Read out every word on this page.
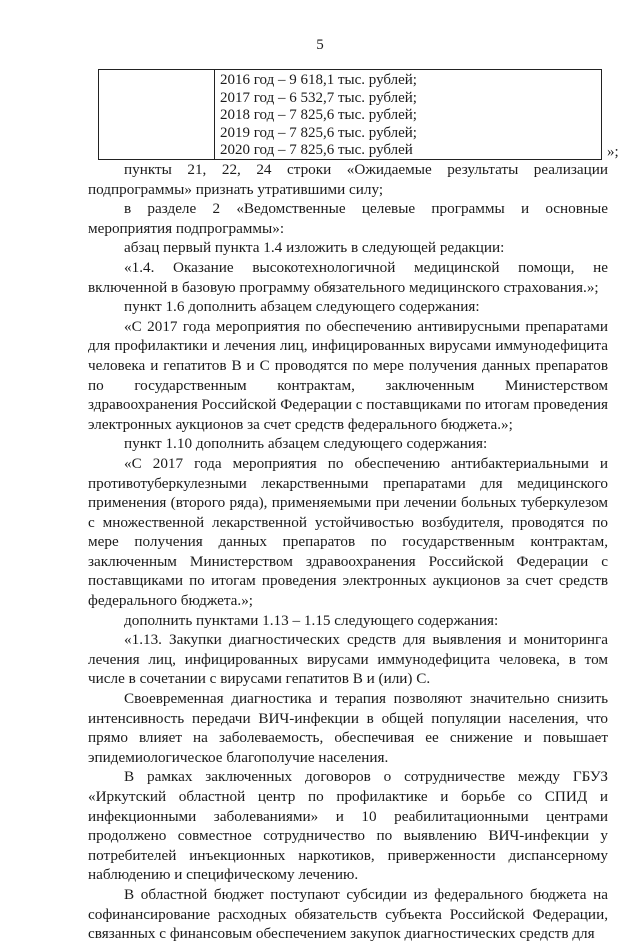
5
2016 год – 9 618,1 тыс. рублей;
2017 год – 6 532,7 тыс. рублей;
2018 год – 7 825,6 тыс. рублей;
2019 год – 7 825,6 тыс. рублей;
2020 год – 7 825,6 тыс. рублей	»;

пункты 21, 22, 24 строки «Ожидаемые результаты реализации подпрограммы» признать утратившими силу;

в разделе 2 «Ведомственные целевые программы и основные мероприятия подпрограммы»:

абзац первый пункта 1.4 изложить в следующей редакции:

«1.4. Оказание высокотехнологичной медицинской помощи, не включенной в базовую программу обязательного медицинского страхования.»;

пункт 1.6 дополнить абзацем следующего содержания:

«С 2017 года мероприятия по обеспечению антивирусными препаратами для профилактики и лечения лиц, инфицированных вирусами иммунодефицита человека и гепатитов В и С проводятся по мере получения данных препаратов по государственным контрактам, заключенным Министерством здравоохранения Российской Федерации с поставщиками по итогам проведения электронных аукционов за счет средств федерального бюджета.»;

пункт 1.10 дополнить абзацем следующего содержания:

«С 2017 года мероприятия по обеспечению антибактериальными и противотуберкулезными лекарственными препаратами для медицинского применения (второго ряда), применяемыми при лечении больных туберкулезом с множественной лекарственной устойчивостью возбудителя, проводятся по мере получения данных препаратов по государственным контрактам, заключенным Министерством здравоохранения Российской Федерации с поставщиками по итогам проведения электронных аукционов за счет средств федерального бюджета.»;

дополнить пунктами 1.13 – 1.15 следующего содержания:

«1.13. Закупки диагностических средств для выявления и мониторинга лечения лиц, инфицированных вирусами иммунодефицита человека, в том числе в сочетании с вирусами гепатитов В и (или) С.

Своевременная диагностика и терапия позволяют значительно снизить интенсивность передачи ВИЧ-инфекции в общей популяции населения, что прямо влияет на заболеваемость, обеспечивая ее снижение и повышает эпидемиологическое благополучие населения.

В рамках заключенных договоров о сотрудничестве между ГБУЗ «Иркутский областной центр по профилактике и борьбе со СПИД и инфекционными заболеваниями» и 10 реабилитационными центрами продолжено совместное сотрудничество по выявлению ВИЧ-инфекции у потребителей инъекционных наркотиков, приверженности диспансерному наблюдению и специфическому лечению.

В областной бюджет поступают субсидии из федерального бюджета на софинансирование расходных обязательств субъекта Российской Федерации, связанных с финансовым обеспечением закупок диагностических средств для
